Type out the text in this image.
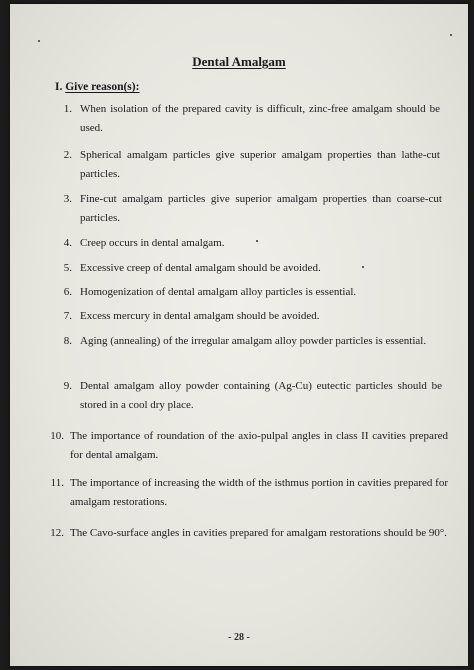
Dental Amalgam
I. Give reason(s):
1. When isolation of the prepared cavity is difficult, zinc-free amalgam should be used.
2. Spherical amalgam particles give superior amalgam properties than lathe-cut particles.
3. Fine-cut amalgam particles give superior amalgam properties than coarse-cut particles.
4. Creep occurs in dental amalgam.
5. Excessive creep of dental amalgam should be avoided.
6. Homogenization of dental amalgam alloy particles is essential.
7. Excess mercury in dental amalgam should be avoided.
8. Aging (annealing) of the irregular amalgam alloy powder particles is essential.
9. Dental amalgam alloy powder containing (Ag-Cu) eutectic particles should be stored in a cool dry place.
10. The importance of roundation of the axio-pulpal angles in class II cavities prepared for dental amalgam.
11. The importance of increasing the width of the isthmus portion in cavities prepared for amalgam restorations.
12. The Cavo-surface angles in cavities prepared for amalgam restorations should be 90°.
- 28 -
